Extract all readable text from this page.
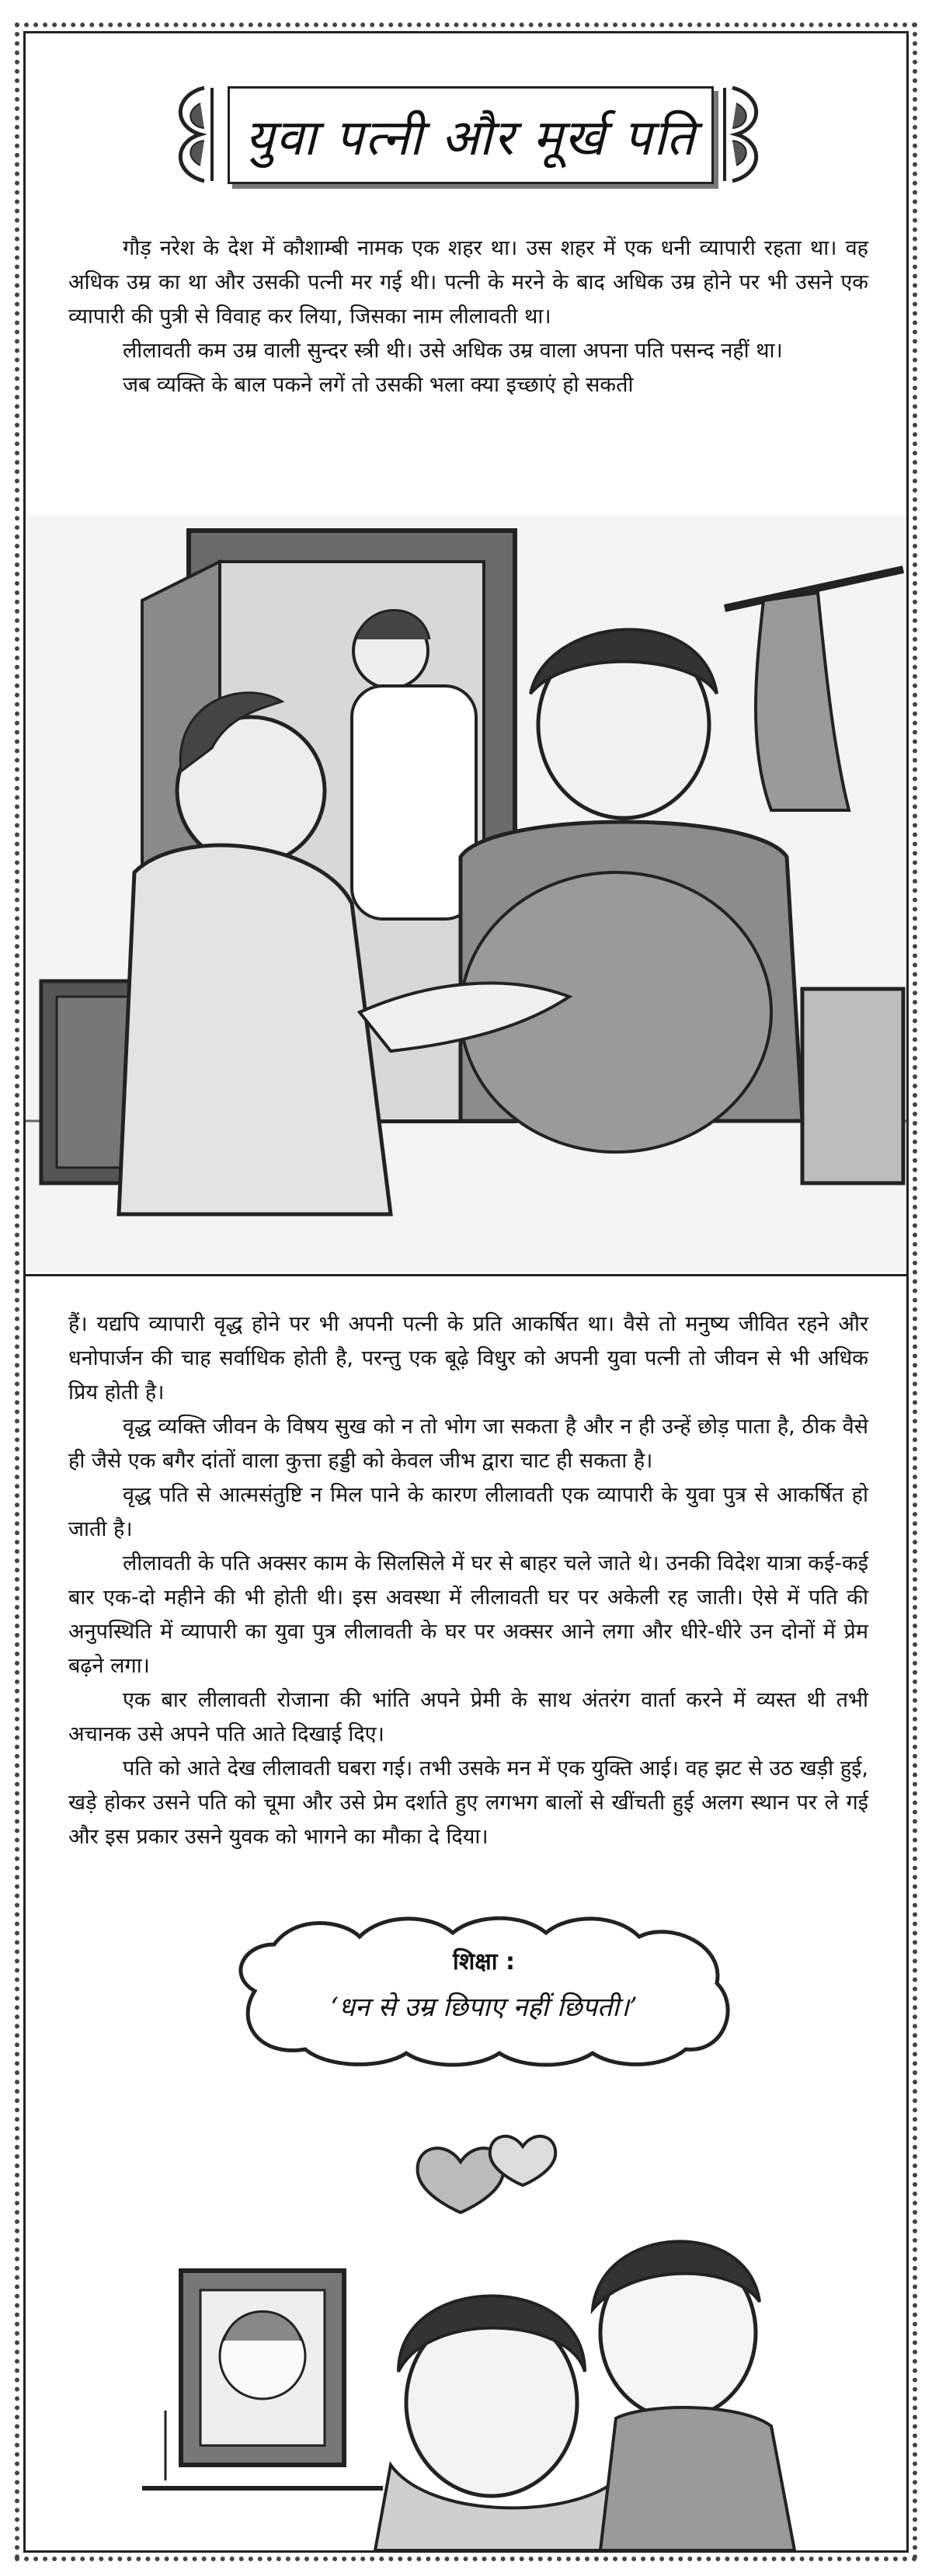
युवा पत्नी और मूर्ख पति

गौड़ नरेश के देश में कौशाम्बी नामक एक शहर था। उस शहर में एक धनी व्यापारी रहता था। वह अधिक उम्र का था और उसकी पत्नी मर गई थी। पत्नी के मरने के बाद अधिक उम्र होने पर भी उसने एक व्यापारी की पुत्री से विवाह कर लिया, जिसका नाम लीलावती था।

लीलावती कम उम्र वाली सुन्दर स्त्री थी। उसे अधिक उम्र वाला अपना पति पसन्द नहीं था।

जब व्यक्ति के बाल पकने लगें तो उसकी भला क्या इच्छाएं हो सकती

हैं। यद्यपि व्यापारी वृद्ध होने पर भी अपनी पत्नी के प्रति आकर्षित था। वैसे तो मनुष्य जीवित रहने और धनोपार्जन की चाह सर्वाधिक होती है, परन्तु एक बूढ़े विधुर को अपनी युवा पत्नी तो जीवन से भी अधिक प्रिय होती है।

वृद्ध व्यक्ति जीवन के विषय सुख को न तो भोग जा सकता है और न ही उन्हें छोड़ पाता है, ठीक वैसे ही जैसे एक बगैर दांतों वाला कुत्ता हड्डी को केवल जीभ द्वारा चाट ही सकता है।

वृद्ध पति से आत्मसंतुष्टि न मिल पाने के कारण लीलावती एक व्यापारी के युवा पुत्र से आकर्षित हो जाती है।

लीलावती के पति अक्सर काम के सिलसिले में घर से बाहर चले जाते थे। उनकी विदेश यात्रा कई-कई बार एक-दो महीने की भी होती थी। इस अवस्था में लीलावती घर पर अकेली रह जाती। ऐसे में पति की अनुपस्थिति में व्यापारी का युवा पुत्र लीलावती के घर पर अक्सर आने लगा और धीरे-धीरे उन दोनों में प्रेम बढ़ने लगा।

एक बार लीलावती रोजाना की भांति अपने प्रेमी के साथ अंतरंग वार्ता करने में व्यस्त थी तभी अचानक उसे अपने पति आते दिखाई दिए।

पति को आते देख लीलावती घबरा गई। तभी उसके मन में एक युक्ति आई। वह झट से उठ खड़ी हुई, खड़े होकर उसने पति को चूमा और उसे प्रेम दर्शाते हुए लगभग बालों से खींचती हुई अलग स्थान पर ले गई और इस प्रकार उसने युवक को भागने का मौका दे दिया।

शिक्षा :
‘धन से उम्र छिपाए नहीं छिपती।’
